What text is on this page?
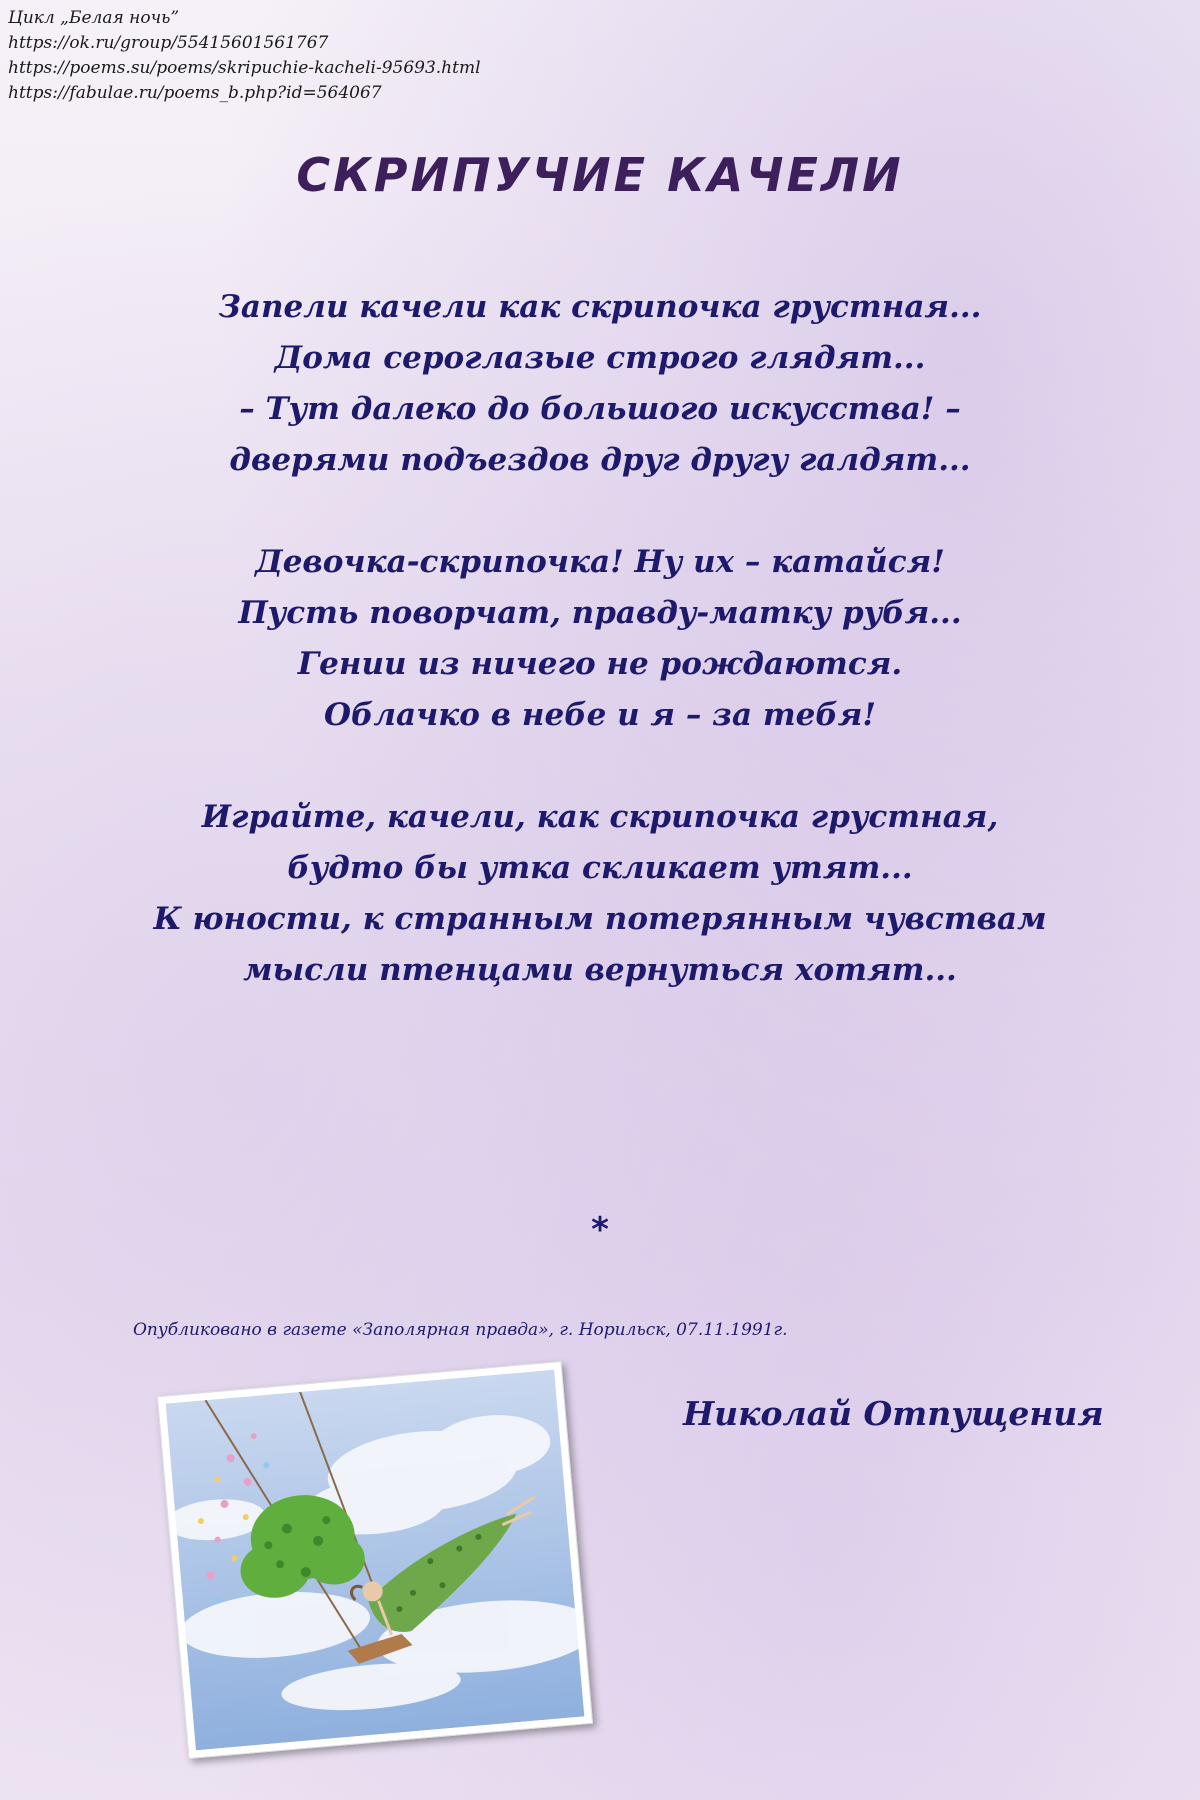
Цикл „Белая ночь”
https://ok.ru/group/55415601561767
https://poems.su/poems/skripuchie-kacheli-95693.html
https://fabulae.ru/poems_b.php?id=564067
СКРИПУЧИЕ КАЧЕЛИ
Запели качели как скрипочка грустная...
Дома сероглазые строго глядят...
– Тут далеко до большого искусства! –
дверями подъездов друг другу галдят...
Девочка-скрипочка! Ну их – катайся!
Пусть поворчат, правду-матку рубя...
Гении из ничего не рождаются.
Облачко в небе и я – за тебя!
Играйте, качели, как скрипочка грустная,
будто бы утка скликает утят...
К юности, к странным потерянным чувствам
мысли птенцами вернуться хотят...
*
Опубликовано в газете «Заполярная правда», г. Норильск, 07.11.1991г.
Николай Отпущения
